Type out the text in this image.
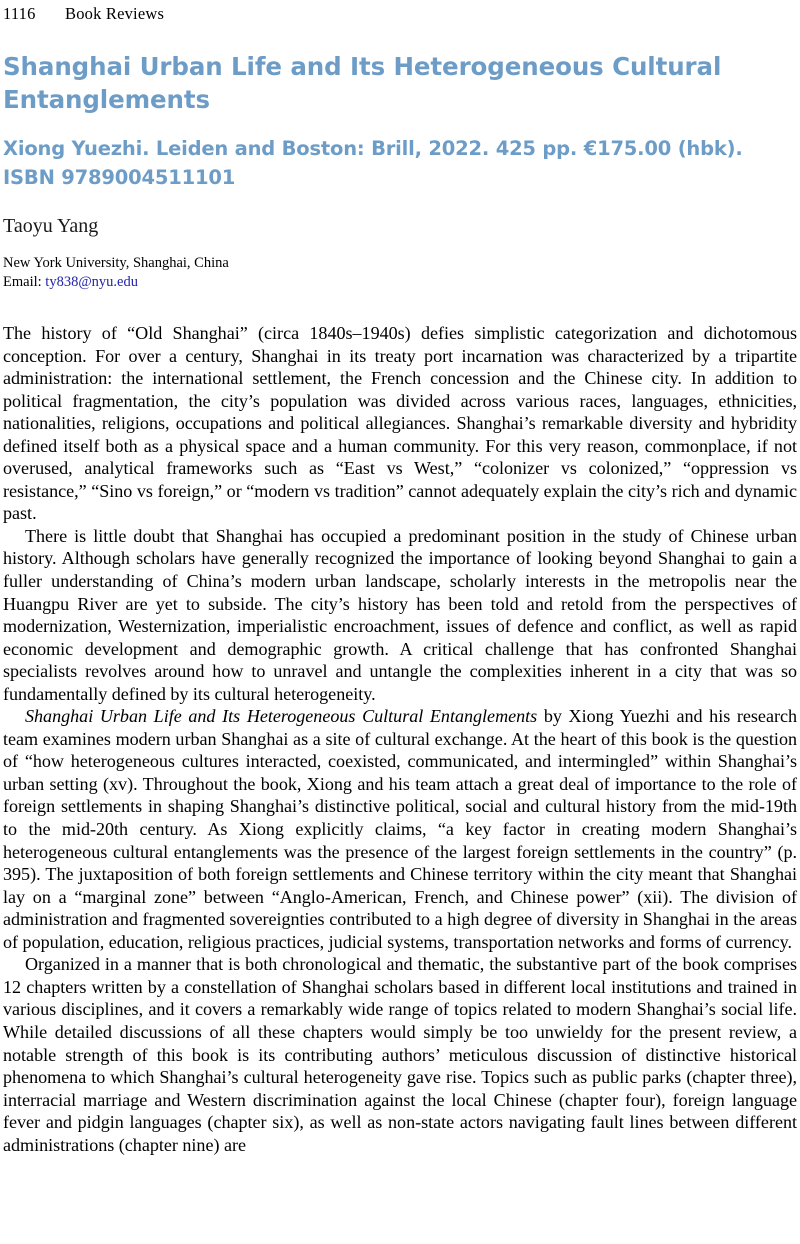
1116 Book Reviews
Shanghai Urban Life and Its Heterogeneous Cultural Entanglements
Xiong Yuezhi. Leiden and Boston: Brill, 2022. 425 pp. €175.00 (hbk). ISBN 9789004511101
Taoyu Yang
New York University, Shanghai, China
Email: ty838@nyu.edu

The history of “Old Shanghai” (circa 1840s–1940s) defies simplistic categorization and dichotomous conception. For over a century, Shanghai in its treaty port incarnation was characterized by a tripartite administration: the international settlement, the French concession and the Chinese city. In addition to political fragmentation, the city’s population was divided across various races, languages, ethnicities, nationalities, religions, occupations and political allegiances. Shanghai’s remarkable diversity and hybridity defined itself both as a physical space and a human community. For this very reason, commonplace, if not overused, analytical frameworks such as “East vs West,” “colonizer vs colonized,” “oppression vs resistance,” “Sino vs foreign,” or “modern vs tradition” cannot adequately explain the city’s rich and dynamic past.

There is little doubt that Shanghai has occupied a predominant position in the study of Chinese urban history. Although scholars have generally recognized the importance of looking beyond Shanghai to gain a fuller understanding of China’s modern urban landscape, scholarly interests in the metropolis near the Huangpu River are yet to subside. The city’s history has been told and retold from the perspectives of modernization, Westernization, imperialistic encroachment, issues of defence and conflict, as well as rapid economic development and demographic growth. A critical challenge that has confronted Shanghai specialists revolves around how to unravel and untangle the complexities inherent in a city that was so fundamentally defined by its cultural heterogeneity.

Shanghai Urban Life and Its Heterogeneous Cultural Entanglements by Xiong Yuezhi and his research team examines modern urban Shanghai as a site of cultural exchange. At the heart of this book is the question of “how heterogeneous cultures interacted, coexisted, communicated, and intermingled” within Shanghai’s urban setting (xv). Throughout the book, Xiong and his team attach a great deal of importance to the role of foreign settlements in shaping Shanghai’s distinctive political, social and cultural history from the mid-19th to the mid-20th century. As Xiong explicitly claims, “a key factor in creating modern Shanghai’s heterogeneous cultural entanglements was the presence of the largest foreign settlements in the country” (p. 395). The juxtaposition of both foreign settlements and Chinese territory within the city meant that Shanghai lay on a “marginal zone” between “Anglo-American, French, and Chinese power” (xii). The division of administration and fragmented sovereignties contributed to a high degree of diversity in Shanghai in the areas of population, education, religious practices, judicial systems, transportation networks and forms of currency.

Organized in a manner that is both chronological and thematic, the substantive part of the book comprises 12 chapters written by a constellation of Shanghai scholars based in different local institutions and trained in various disciplines, and it covers a remarkably wide range of topics related to modern Shanghai’s social life. While detailed discussions of all these chapters would simply be too unwieldy for the present review, a notable strength of this book is its contributing authors’ meticulous discussion of distinctive historical phenomena to which Shanghai’s cultural heterogeneity gave rise. Topics such as public parks (chapter three), interracial marriage and Western discrimination against the local Chinese (chapter four), foreign language fever and pidgin languages (chapter six), as well as non-state actors navigating fault lines between different administrations (chapter nine) are
